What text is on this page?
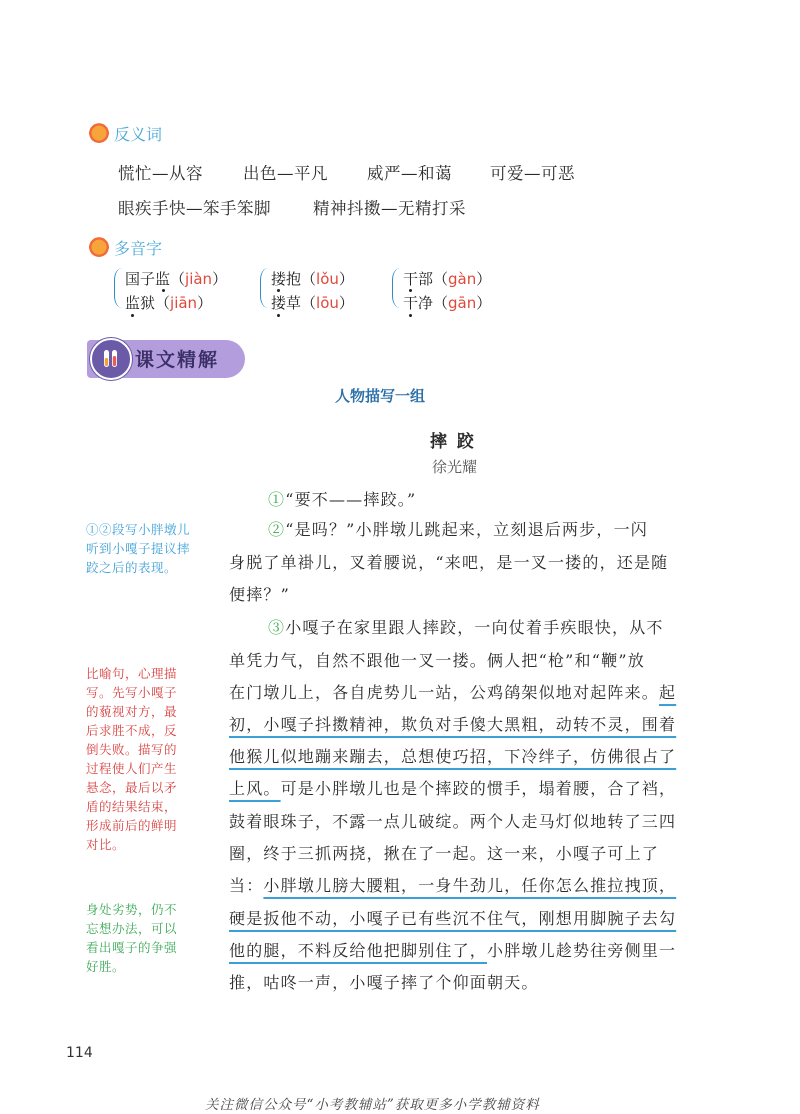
反义词
慌忙—从容 出色—平凡 威严—和蔼 可爱—可恶
眼疾手快—笨手笨脚	精神抖擞—无精打采
多音字
国子监（jiàn）
监狱（jiān）
搂抱（lǒu）
搂草（lōu）
干部（gàn）
干净（gān）
课文精解
人物描写一组
摔 跤
徐光耀
①“要不——摔跤。”
②“是吗？”小胖墩儿跳起来，立刻退后两步，一闪
身脱了单褂儿，叉着腰说，“来吧，是一叉一搂的，还是随
便摔？”
③小嘎子在家里跟人摔跤，一向仗着手疾眼快，从不
单凭力气，自然不跟他一叉一搂。俩人把“枪”和“鞭”放
在门墩儿上，各自虎势儿一站，公鸡鹐架似地对起阵来。起
初，小嘎子抖擞精神，欺负对手傻大黑粗，动转不灵，围着
他猴儿似地蹦来蹦去，总想使巧招，下冷绊子，仿佛很占了
上风。可是小胖墩儿也是个摔跤的惯手，塌着腰，合了裆，
鼓着眼珠子，不露一点儿破绽。两个人走马灯似地转了三四
圈，终于三抓两挠，揪在了一起。这一来，小嘎子可上了
当：小胖墩儿膀大腰粗，一身牛劲儿，任你怎么推拉拽顶，
硬是扳他不动，小嘎子已有些沉不住气，刚想用脚腕子去勾
他的腿，不料反给他把脚别住了，小胖墩儿趁势往旁侧里一
推，咕咚一声，小嘎子摔了个仰面朝天。
①②段写小胖墩儿
听到小嘎子提议摔
跤之后的表现。
比喻句，心理描
写。先写小嘎子
的藐视对方，最
后求胜不成，反
倒失败。描写的
过程使人们产生
悬念，最后以矛
盾的结果结束，
形成前后的鲜明
对比。
身处劣势，仍不
忘想办法，可以
看出嘎子的争强
好胜。
114
关注微信公众号“小考教辅站”获取更多小学教辅资料
